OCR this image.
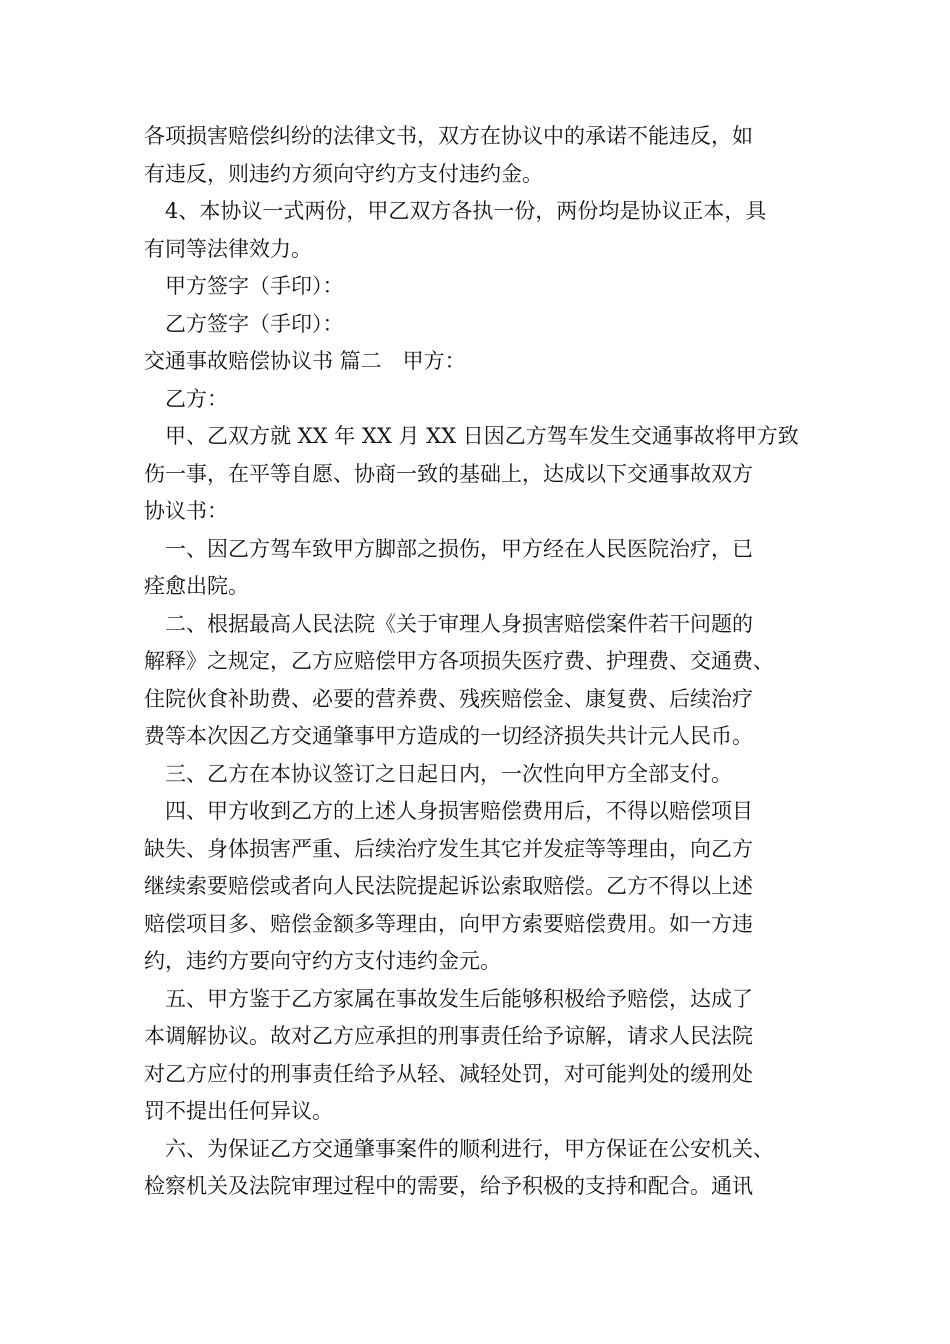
各项损害赔偿纠纷的法律文书，双方在协议中的承诺不能违反，如
有违反，则违约方须向守约方支付违约金。
4、本协议一式两份，甲乙双方各执一份，两份均是协议正本，具
有同等法律效力。
甲方签字（手印）：
乙方签字（手印）：
交通事故赔偿协议书 篇二　甲方：
乙方：
甲、乙双方就 XX 年 XX 月 XX 日因乙方驾车发生交通事故将甲方致
伤一事，在平等自愿、协商一致的基础上，达成以下交通事故双方
协议书：
一、因乙方驾车致甲方脚部之损伤，甲方经在人民医院治疗，已
痊愈出院。
二、根据最高人民法院《关于审理人身损害赔偿案件若干问题的
解释》之规定，乙方应赔偿甲方各项损失医疗费、护理费、交通费、
住院伙食补助费、必要的营养费、残疾赔偿金、康复费、后续治疗
费等本次因乙方交通肇事甲方造成的一切经济损失共计元人民币。
三、乙方在本协议签订之日起日内，一次性向甲方全部支付。
四、甲方收到乙方的上述人身损害赔偿费用后，不得以赔偿项目
缺失、身体损害严重、后续治疗发生其它并发症等等理由，向乙方
继续索要赔偿或者向人民法院提起诉讼索取赔偿。乙方不得以上述
赔偿项目多、赔偿金额多等理由，向甲方索要赔偿费用。如一方违
约，违约方要向守约方支付违约金元。
五、甲方鉴于乙方家属在事故发生后能够积极给予赔偿，达成了
本调解协议。故对乙方应承担的刑事责任给予谅解，请求人民法院
对乙方应付的刑事责任给予从轻、减轻处罚，对可能判处的缓刑处
罚不提出任何异议。
六、为保证乙方交通肇事案件的顺利进行，甲方保证在公安机关、
检察机关及法院审理过程中的需要，给予积极的支持和配合。通讯
